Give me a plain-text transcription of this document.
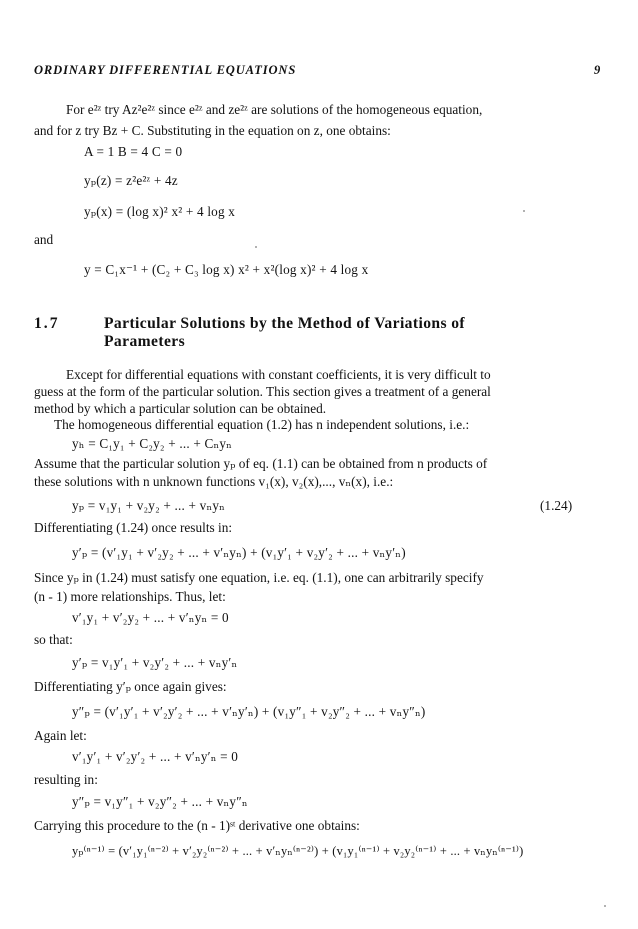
ORDINARY DIFFERENTIAL EQUATIONS	9
For e²ᶻ try Az²e²ᶻ since e²ᶻ and ze²ᶻ are solutions of the homogeneous equation,
and for z try Bz + C. Substituting in the equation on z, one obtains:
A = 1 B = 4 C = 0
yₚ(z) = z²e²ᶻ + 4z
yₚ(x) = (log x)² x² + 4 log x
and
y = C₁x⁻¹ + (C₂ + C₃ log x) x² + x²(log x)² + 4 log x
1.7	Particular Solutions by the Method of Variations of
Parameters
Except for differential equations with constant coefficients, it is very difficult to
guess at the form of the particular solution. This section gives a treatment of a general
method by which a particular solution can be obtained.
The homogeneous differential equation (1.2) has n independent solutions, i.e.:
yₕ = C₁y₁ + C₂y₂ + ... + Cₙyₙ
Assume that the particular solution yₚ of eq. (1.1) can be obtained from n products of
these solutions with n unknown functions v₁(x), v₂(x),..., vₙ(x), i.e.:
yₚ = v₁y₁ + v₂y₂ + ... + vₙyₙ	(1.24)
Differentiating (1.24) once results in:
y′ₚ = (v′₁y₁ + v′₂y₂ + ... + v′ₙyₙ) + (v₁y′₁ + v₂y′₂ + ... + vₙy′ₙ)
Since yₚ in (1.24) must satisfy one equation, i.e. eq. (1.1), one can arbitrarily specify
(n - 1) more relationships. Thus, let:
v′₁y₁ + v′₂y₂ + ... + v′ₙyₙ = 0
so that:
y′ₚ = v₁y′₁ + v₂y′₂ + ... + vₙy′ₙ
Differentiating y′ₚ once again gives:
y″ₚ = (v′₁y′₁ + v′₂y′₂ + ... + v′ₙy′ₙ) + (v₁y″₁ + v₂y″₂ + ... + vₙy″ₙ)
Again let:
v′₁y′₁ + v′₂y′₂ + ... + v′ₙy′ₙ = 0
resulting in:
y″ₚ = v₁y″₁ + v₂y″₂ + ... + vₙy″ₙ
Carrying this procedure to the (n - 1)ˢᵗ derivative one obtains:
yₚ⁽ⁿ⁻¹⁾ = (v′₁y₁⁽ⁿ⁻²⁾ + v′₂y₂⁽ⁿ⁻²⁾ + ... + v′ₙyₙ⁽ⁿ⁻²⁾) + (v₁y₁⁽ⁿ⁻¹⁾ + v₂y₂⁽ⁿ⁻¹⁾ + ... + vₙyₙ⁽ⁿ⁻¹⁾)
